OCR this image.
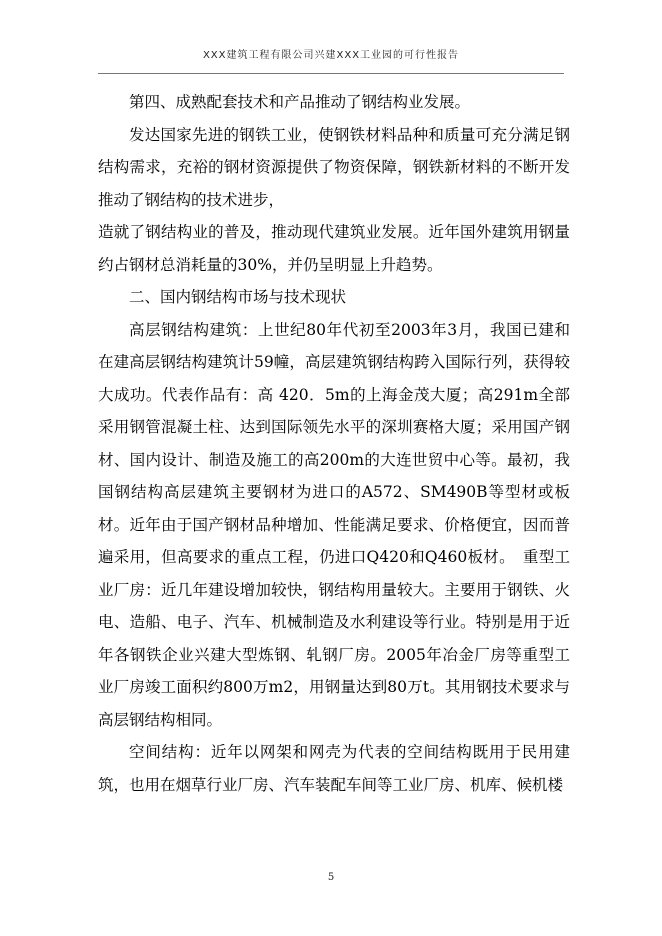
XXX建筑工程有限公司兴建XXX工业园的可行性报告

第四、成熟配套技术和产品推动了钢结构业发展。

发达国家先进的钢铁工业，使钢铁材料品种和质量可充分满足钢结构需求，充裕的钢材资源提供了物资保障，钢铁新材料的不断开发推动了钢结构的技术进步，

造就了钢结构业的普及，推动现代建筑业发展。近年国外建筑用钢量约占钢材总消耗量的30%，并仍呈明显上升趋势。

二、国内钢结构市场与技术现状

高层钢结构建筑：上世纪80年代初至2003年3月，我国已建和在建高层钢结构建筑计59幢，高层建筑钢结构跨入国际行列，获得较大成功。代表作品有：高 420．5m的上海金茂大厦；高291m全部采用钢管混凝土柱、达到国际领先水平的深圳赛格大厦；采用国产钢材、国内设计、制造及施工的高200m的大连世贸中心等。最初，我国钢结构高层建筑主要钢材为进口的A572、SM490B等型材或板材。近年由于国产钢材品种增加、性能满足要求、价格便宜，因而普遍采用，但高要求的重点工程，仍进口Q420和Q460板材。　重型工业厂房：近几年建设增加较快，钢结构用量较大。主要用于钢铁、火　电、造船、电子、汽车、机械制造及水利建设等行业。特别是用于近年各钢铁企业兴建大型炼钢、轧钢厂房。2005年冶金厂房等重型工业厂房竣工面积约800万m2，用钢量达到80万t。其用钢技术要求与高层钢结构相同。

空间结构：近年以网架和网壳为代表的空间结构既用于民用建筑，也用在烟草行业厂房、汽车装配车间等工业厂房、机库、候机楼

5
